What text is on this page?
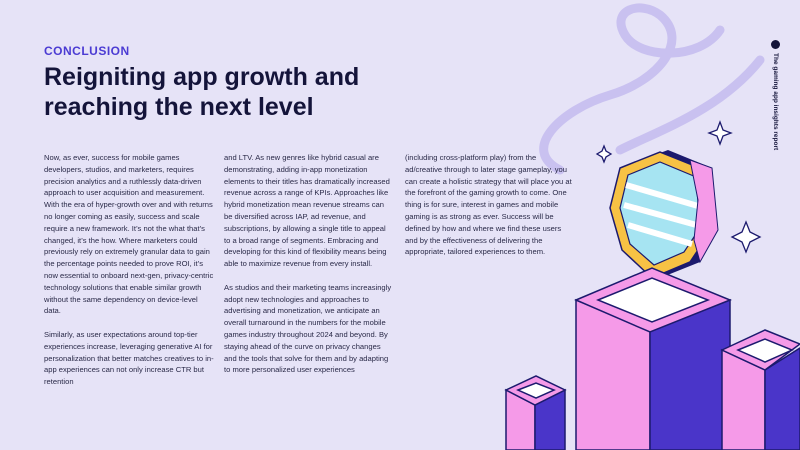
CONCLUSION
Reigniting app growth and
reaching the next level

Now, as ever, success for mobile games developers, studios, and marketers, requires precision analytics and a ruthlessly data-driven approach to user acquisition and measurement. With the era of hyper-growth over and with returns no longer coming as easily, success and scale require a new framework. It’s not the what that’s changed, it’s the how. Where marketers could previously rely on extremely granular data to gain the percentage points needed to prove ROI, it’s now essential to onboard next-gen, privacy-centric technology solutions that enable similar growth without the same dependency on device-level data.

Similarly, as user expectations around top-tier experiences increase, leveraging generative AI for personalization that better matches creatives to in-app experiences can not only increase CTR but retention

and LTV. As new genres like hybrid casual are demonstrating, adding in-app monetization elements to their titles has dramatically increased revenue across a range of KPIs. Approaches like hybrid monetization mean revenue streams can be diversified across IAP, ad revenue, and subscriptions, by allowing a single title to appeal to a broad range of segments. Embracing and developing for this kind of flexibility means being able to maximize revenue from every install.

As studios and their marketing teams increasingly adopt new technologies and approaches to advertising and monetization, we anticipate an overall turnaround in the numbers for the mobile games industry throughout 2024 and beyond. By staying ahead of the curve on privacy changes and the tools that solve for them and by adapting to more personalized user experiences

(including cross-platform play) from the ad/creative through to later stage gameplay, you can create a holistic strategy that will place you at the forefront of the gaming growth to come. One thing is for sure, interest in games and mobile gaming is as strong as ever. Success will be defined by how and where we find these users and by the effectiveness of delivering the appropriate, tailored experiences to them.

The gaming app insights report
